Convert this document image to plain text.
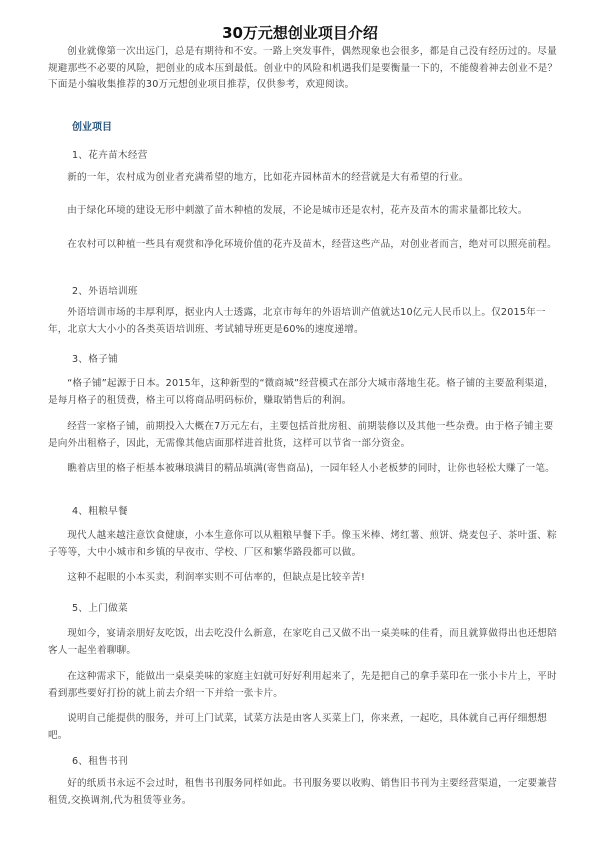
30万元想创业项目介绍

创业就像第一次出远门，总是有期待和不安。一路上突发事件，偶然现象也会很多，都是自己没有经历过的。尽量规避那些不必要的风险，把创业的成本压到最低。创业中的风险和机遇我们是要衡量一下的，不能傻着神去创业不是？下面是小编收集推荐的30万元想创业项目推荐，仅供参考，欢迎阅读。

创业项目

1、花卉苗木经营

新的一年，农村成为创业者充满希望的地方，比如花卉园林苗木的经营就是大有希望的行业。

由于绿化环境的建设无形中刺激了苗木种植的发展，不论是城市还是农村，花卉及苗木的需求量都比较大。

在农村可以种植一些具有观赏和净化环境价值的花卉及苗木，经营这些产品，对创业者而言，绝对可以照亮前程。

2、外语培训班

外语培训市场的丰厚利厚，据业内人士透露，北京市每年的外语培训产值就达10亿元人民币以上。仅2015年一年，北京大大小小的各类英语培训班、考试辅导班更是60%的速度递增。

3、格子铺

“格子铺”起源于日本。2015年，这种新型的“微商城”经营模式在部分大城市落地生花。格子铺的主要盈利渠道，是每月格子的租赁费，格主可以将商品明码标价，赚取销售后的利润。

经营一家格子铺，前期投入大概在7万元左右，主要包括首批房租、前期装修以及其他一些杂费。由于格子铺主要是向外出租格子，因此，无需像其他店面那样进首批货，这样可以节省一部分资金。

瞧着店里的格子柜基本被琳琅满目的精品填满(寄售商品)，一园年轻人小老板梦的同时，让你也轻松大赚了一笔。

4、粗粮早餐

现代人越来越注意饮食健康，小本生意你可以从粗粮早餐下手。像玉米棒、烤红薯、煎饼、烧麦包子、茶叶蛋、粽子等等，大中小城市和乡镇的早夜市、学校、厂区和繁华路段都可以做。

这种不起眼的小本买卖，利润率实则不可估率的，但缺点是比较辛苦!

5、上门做菜

现如今，宴请亲朋好友吃饭，出去吃没什么新意，在家吃自己又做不出一桌美味的佳肴，而且就算做得出也还想陪客人一起坐着聊聊。

在这种需求下，能做出一桌桌美味的家庭主妇就可好好利用起来了，先是把自己的拿手菜印在一张小卡片上，平时看到那些要好打扮的就上前去介绍一下并给一张卡片。

说明自己能提供的服务，并可上门试菜，试菜方法是由客人买菜上门，你来煮，一起吃，具体就自己再仔细想想吧。

6、租售书刊

好的纸质书永远不会过时，租售书刊服务同样如此。书刊服务要以收购、销售旧书刊为主要经营渠道，一定要兼营租赁,交换调剂,代为租赁等业务。
